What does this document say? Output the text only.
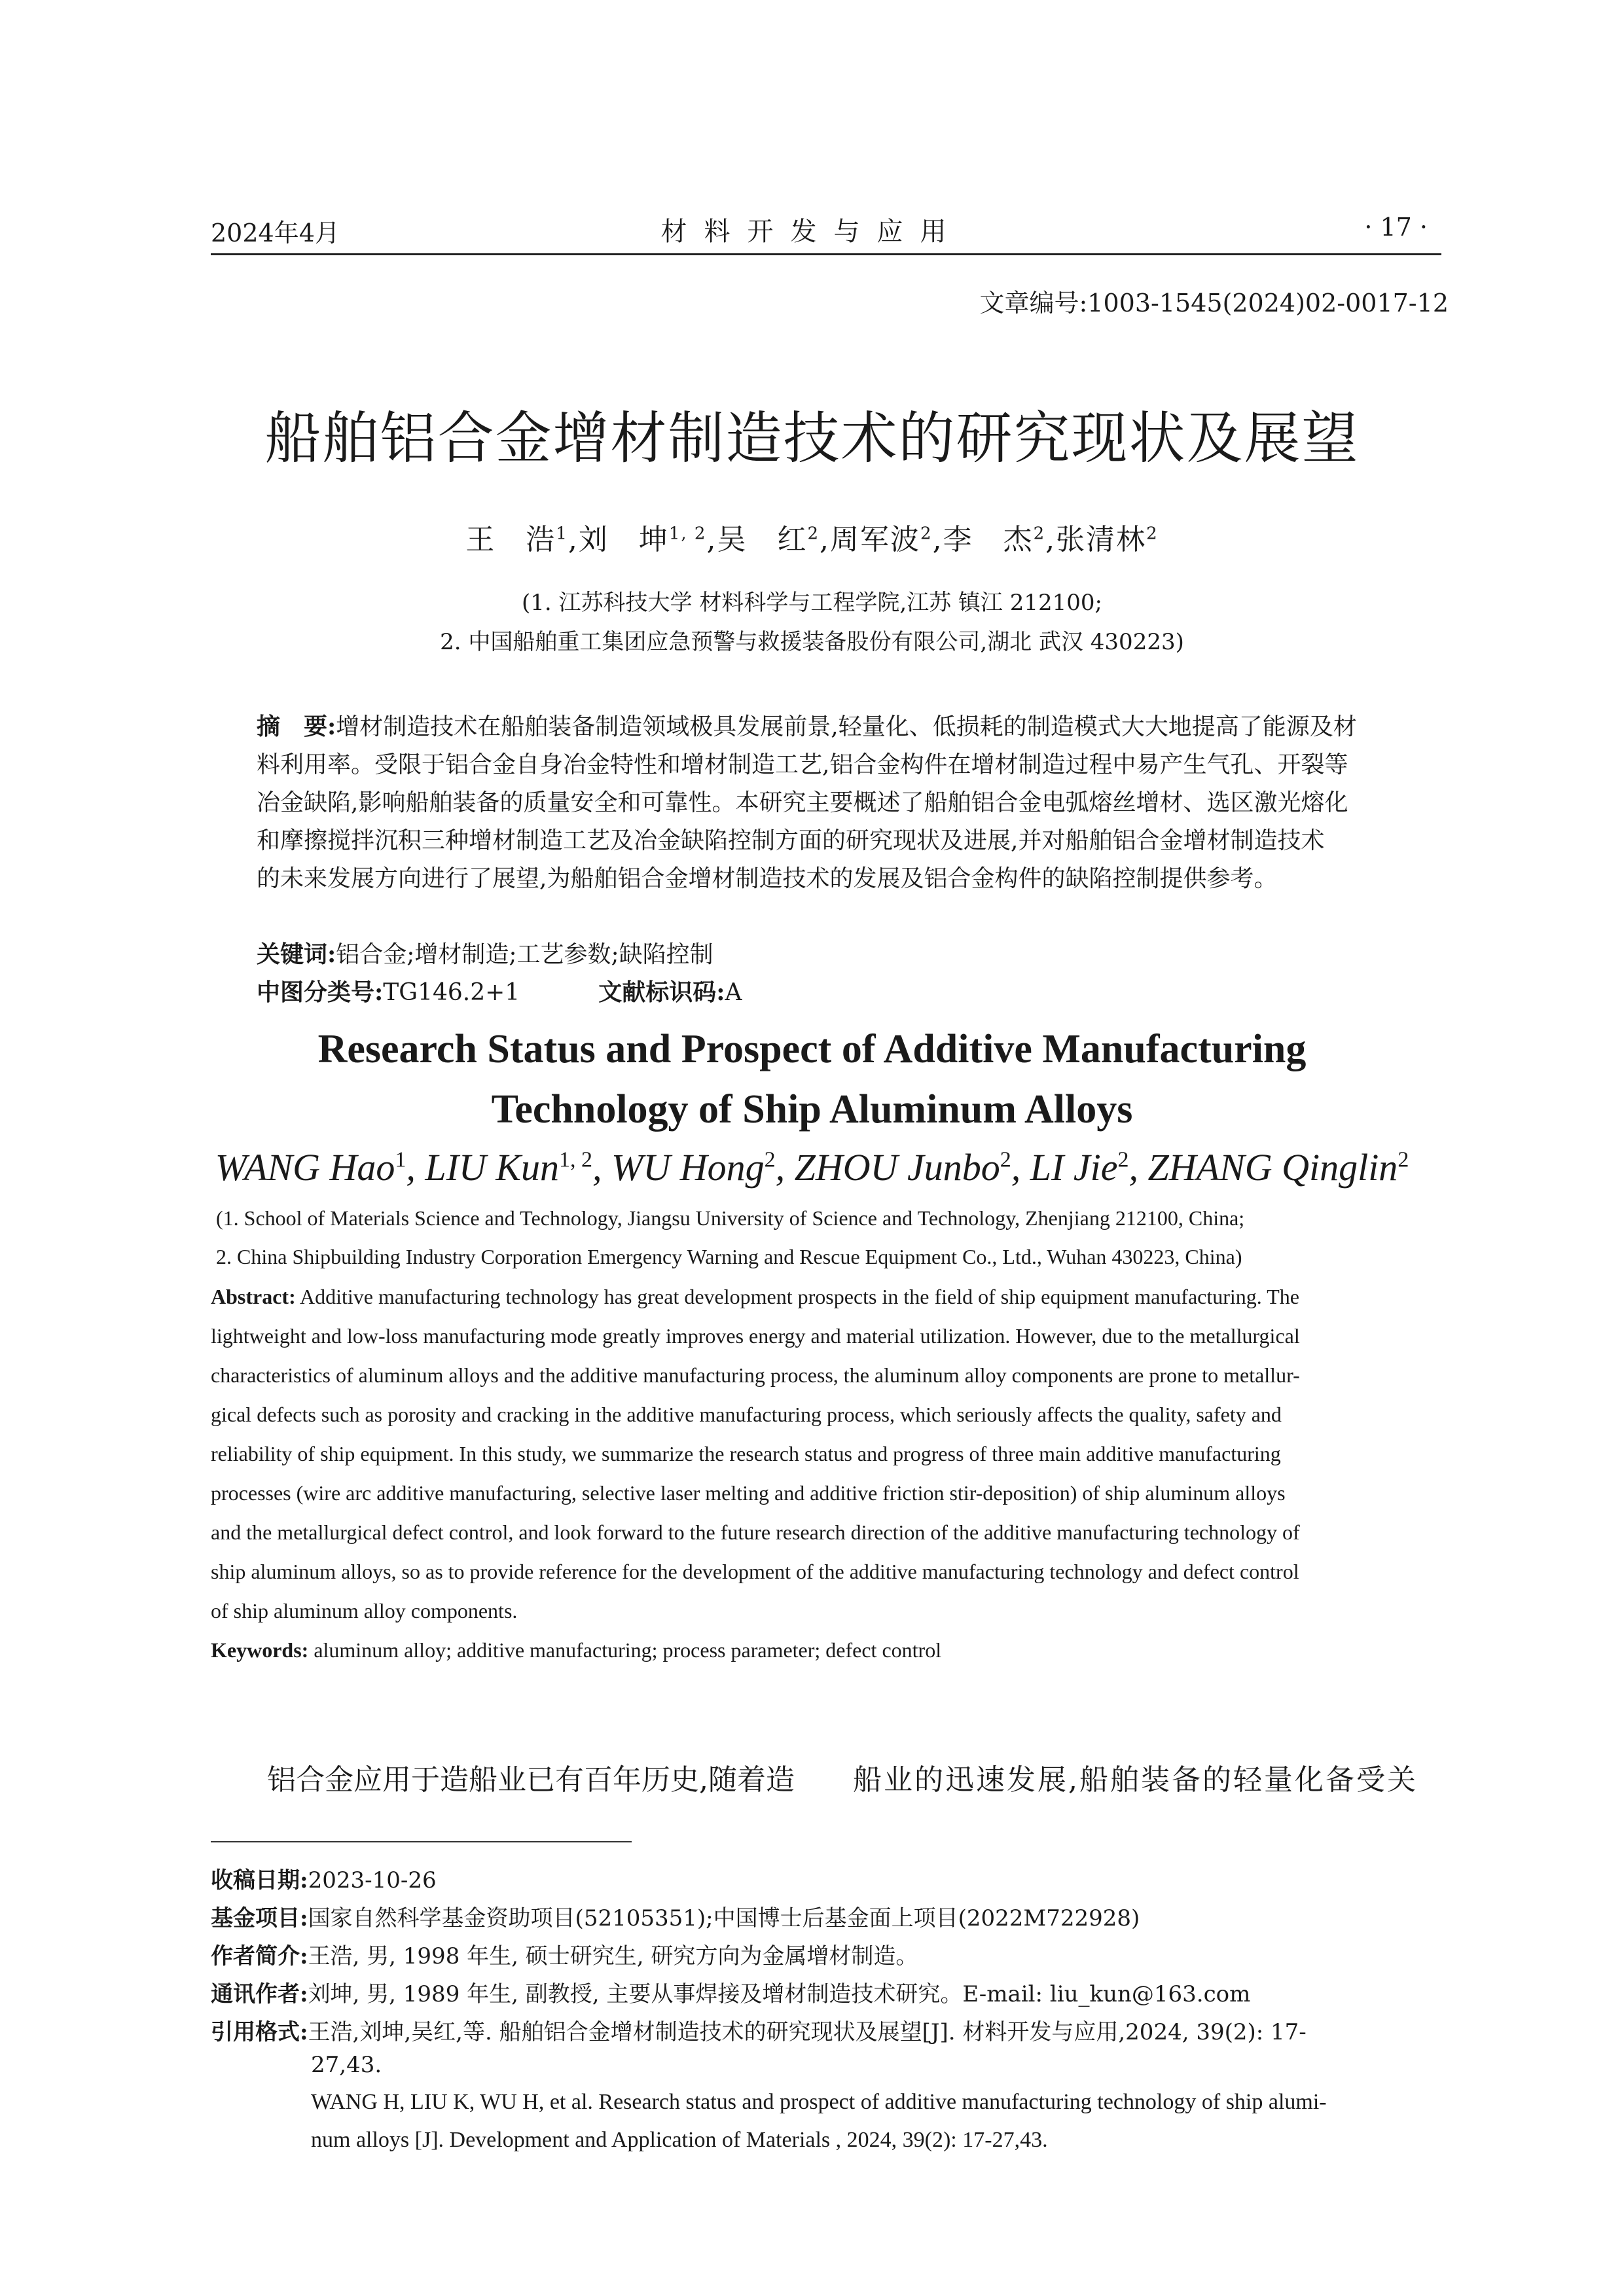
2024年4月	材料开发与应用	· 17 ·
文章编号:1003-1545(2024)02-0017-12
船舶铝合金增材制造技术的研究现状及展望
王　浩$^1$,刘　坤$^{1, 2}$,吴　红$^2$,周军波$^2$,李　杰$^2$,张清林$^2$
(1. 江苏科技大学 材料科学与工程学院,江苏 镇江 212100;
2. 中国船舶重工集团应急预警与救援装备股份有限公司,湖北 武汉 430223)
摘　要:增材制造技术在船舶装备制造领域极具发展前景,轻量化、低损耗的制造模式大大地提高了能源及材
料利用率。受限于铝合金自身冶金特性和增材制造工艺,铝合金构件在增材制造过程中易产生气孔、开裂等
冶金缺陷,影响船舶装备的质量安全和可靠性。本研究主要概述了船舶铝合金电弧熔丝增材、选区激光熔化
和摩擦搅拌沉积三种增材制造工艺及冶金缺陷控制方面的研究现状及进展,并对船舶铝合金增材制造技术
的未来发展方向进行了展望,为船舶铝合金增材制造技术的发展及铝合金构件的缺陷控制提供参考。
关键词:铝合金;增材制造;工艺参数;缺陷控制
中图分类号:TG146.2+1	文献标识码:A
Research Status and Prospect of Additive Manufacturing
Technology of Ship Aluminum Alloys
WANG Hao$^1$, LIU Kun$^{1, 2}$, WU Hong$^2$, ZHOU Junbo$^2$, LI Jie$^2$, ZHANG Qinglin$^2$
(1. School of Materials Science and Technology, Jiangsu University of Science and Technology, Zhenjiang 212100, China;
2. China Shipbuilding Industry Corporation Emergency Warning and Rescue Equipment Co., Ltd., Wuhan 430223, China)
Abstract: Additive manufacturing technology has great development prospects in the field of ship equipment manufacturing. The
lightweight and low-loss manufacturing mode greatly improves energy and material utilization. However, due to the metallurgical
characteristics of aluminum alloys and the additive manufacturing process, the aluminum alloy components are prone to metallur-
gical defects such as porosity and cracking in the additive manufacturing process, which seriously affects the quality, safety and
reliability of ship equipment. In this study, we summarize the research status and progress of three main additive manufacturing
processes (wire arc additive manufacturing, selective laser melting and additive friction stir-deposition) of ship aluminum alloys
and the metallurgical defect control, and look forward to the future research direction of the additive manufacturing technology of
ship aluminum alloys, so as to provide reference for the development of the additive manufacturing technology and defect control
of ship aluminum alloy components.
Keywords: aluminum alloy; additive manufacturing; process parameter; defect control
铝合金应用于造船业已有百年历史,随着造 船业的迅速发展,船舶装备的轻量化备受关
收稿日期:2023-10-26
基金项目:国家自然科学基金资助项目(52105351);中国博士后基金面上项目(2022M722928)
作者简介:王浩, 男, 1998 年生, 硕士研究生, 研究方向为金属增材制造。
通讯作者:刘坤, 男, 1989 年生, 副教授, 主要从事焊接及增材制造技术研究。E-mail: liu_kun@163.com
引用格式:王浩,刘坤,吴红,等. 船舶铝合金增材制造技术的研究现状及展望[J]. 材料开发与应用,2024, 39(2): 17-
27,43.
WANG H, LIU K, WU H, et al. Research status and prospect of additive manufacturing technology of ship alumi-
num alloys [J]. Development and Application of Materials , 2024, 39(2): 17-27,43.
